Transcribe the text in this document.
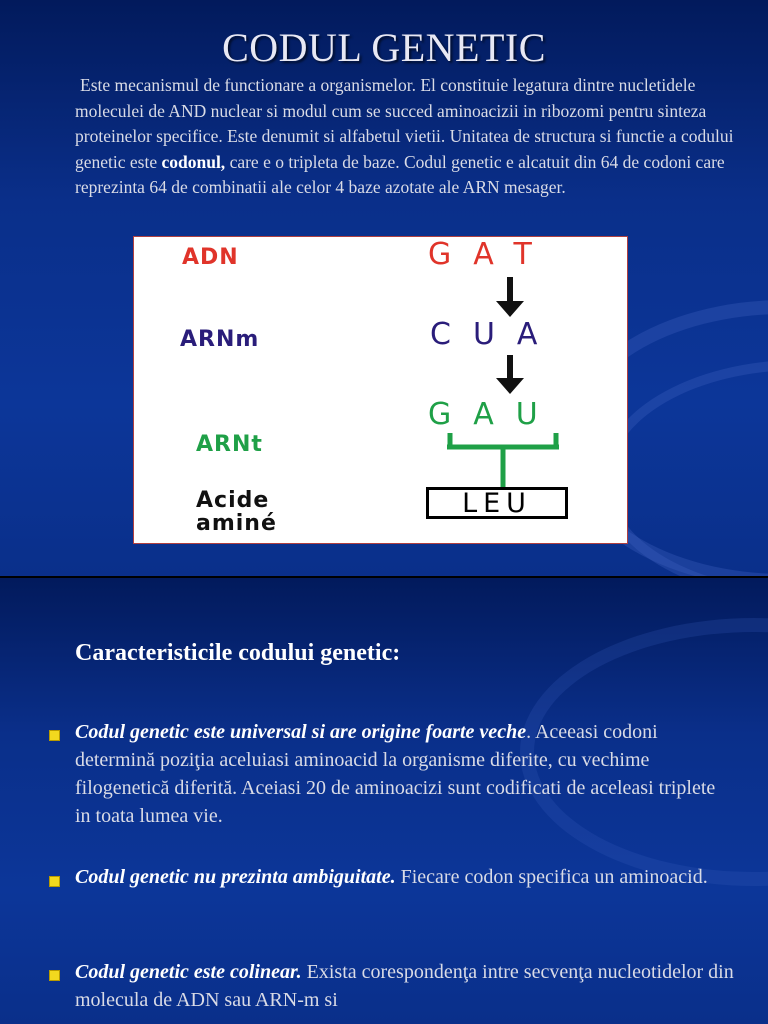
CODUL GENETIC
Este mecanismul de functionare a organismelor. El constituie legatura dintre nucletidele moleculei de AND nuclear si modul cum se succed aminoacizii in ribozomi pentru sinteza proteinelor specifice. Este denumit si alfabetul vietii. Unitatea de structura si functie a codului genetic este codonul, care e o tripleta de baze. Codul genetic e alcatuit din 64 de codoni care reprezinta 64 de combinatii ale celor 4 baze azotate ale ARN mesager.
ADN
ARNm
ARNt
Acide
aminé
GAT
CUA
GAU
LEU
Caracteristicile codului genetic:
Codul genetic este universal si are origine foarte veche. Aceeasi codoni determină poziţia aceluiasi aminoacid la organisme diferite, cu vechime filogenetică diferită. Aceiasi 20 de aminoacizi sunt codificati de aceleasi triplete in toata lumea vie.
Codul genetic nu prezinta ambiguitate. Fiecare codon specifica un aminoacid.
Codul genetic este colinear. Exista corespondenţa intre secvenţa nucleotidelor din molecula de ADN sau ARN-m si
